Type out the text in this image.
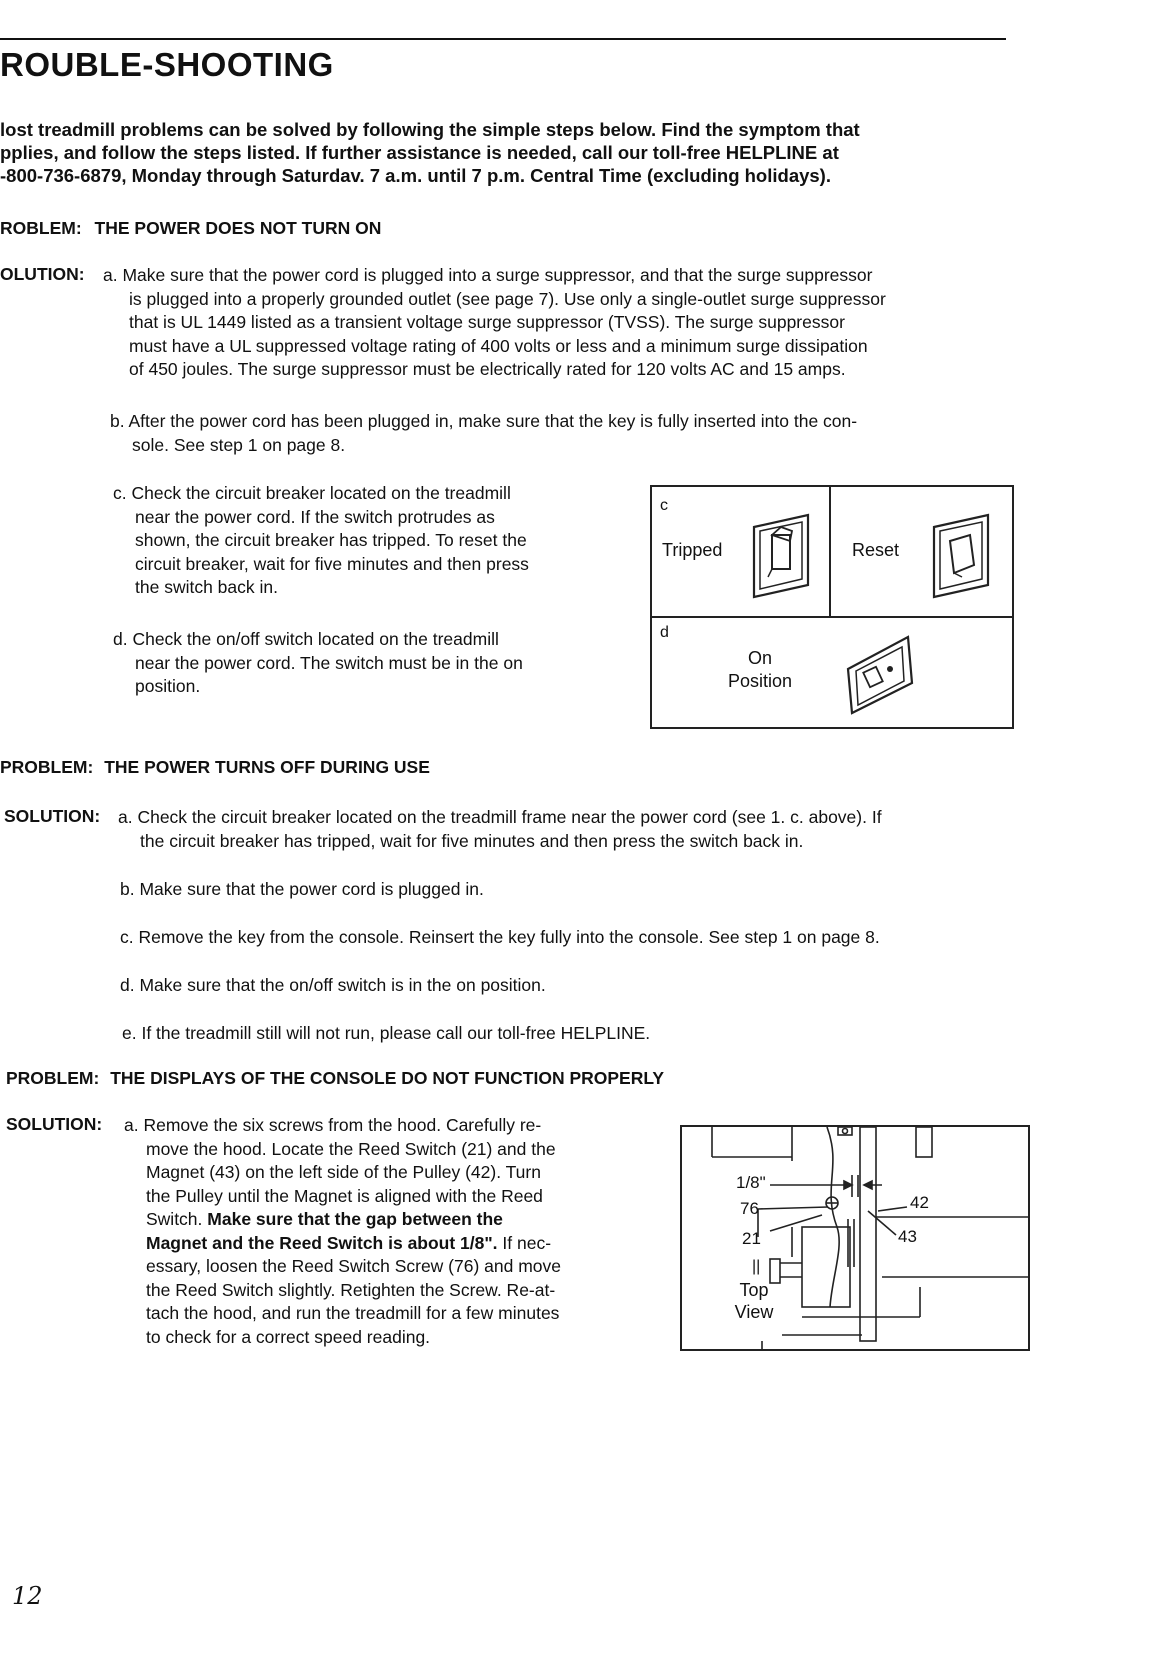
ROUBLE-SHOOTING
lost treadmill problems can be solved by following the simple steps below. Find the symptom that
pplies, and follow the steps listed. If further assistance is needed, call our toll-free HELPLINE at
-800-736-6879, Monday through Saturdav. 7 a.m. until 7 p.m. Central Time (excluding holidays).
ROBLEM: THE POWER DOES NOT TURN ON
OLUTION: a. Make sure that the power cord is plugged into a surge suppressor, and that the surge suppressor
is plugged into a properly grounded outlet (see page 7). Use only a single-outlet surge suppressor
that is UL 1449 listed as a transient voltage surge suppressor (TVSS). The surge suppressor
must have a UL suppressed voltage rating of 400 volts or less and a minimum surge dissipation
of 450 joules. The surge suppressor must be electrically rated for 120 volts AC and 15 amps.
b. After the power cord has been plugged in, make sure that the key is fully inserted into the con-
sole. See step 1 on page 8.
c. Check the circuit breaker located on the treadmill
near the power cord. If the switch protrudes as
shown, the circuit breaker has tripped. To reset the
circuit breaker, wait for five minutes and then press
the switch back in.
d. Check the on/off switch located on the treadmill
near the power cord. The switch must be in the on
position.
c
Tripped	Reset
d
On
Position
PROBLEM: THE POWER TURNS OFF DURING USE
SOLUTION: a. Check the circuit breaker located on the treadmill frame near the power cord (see 1. c. above). If
the circuit breaker has tripped, wait for five minutes and then press the switch back in.
b. Make sure that the power cord is plugged in.
c. Remove the key from the console. Reinsert the key fully into the console. See step 1 on page 8.
d. Make sure that the on/off switch is in the on position.
e. If the treadmill still will not run, please call our toll-free HELPLINE.
PROBLEM: THE DISPLAYS OF THE CONSOLE DO NOT FUNCTION PROPERLY
SOLUTION: a. Remove the six screws from the hood. Carefully re-
move the hood. Locate the Reed Switch (21) and the
Magnet (43) on the left side of the Pulley (42). Turn
the Pulley until the Magnet is aligned with the Reed
Switch. Make sure that the gap between the
Magnet and the Reed Switch is about 1/8". If nec-
essary, loosen the Reed Switch Screw (76) and move
the Reed Switch slightly. Retighten the Screw. Re-at-
tach the hood, and run the treadmill for a few minutes
to check for a correct speed reading.
1/8"
76
21
42
43
||
Top
View
12
